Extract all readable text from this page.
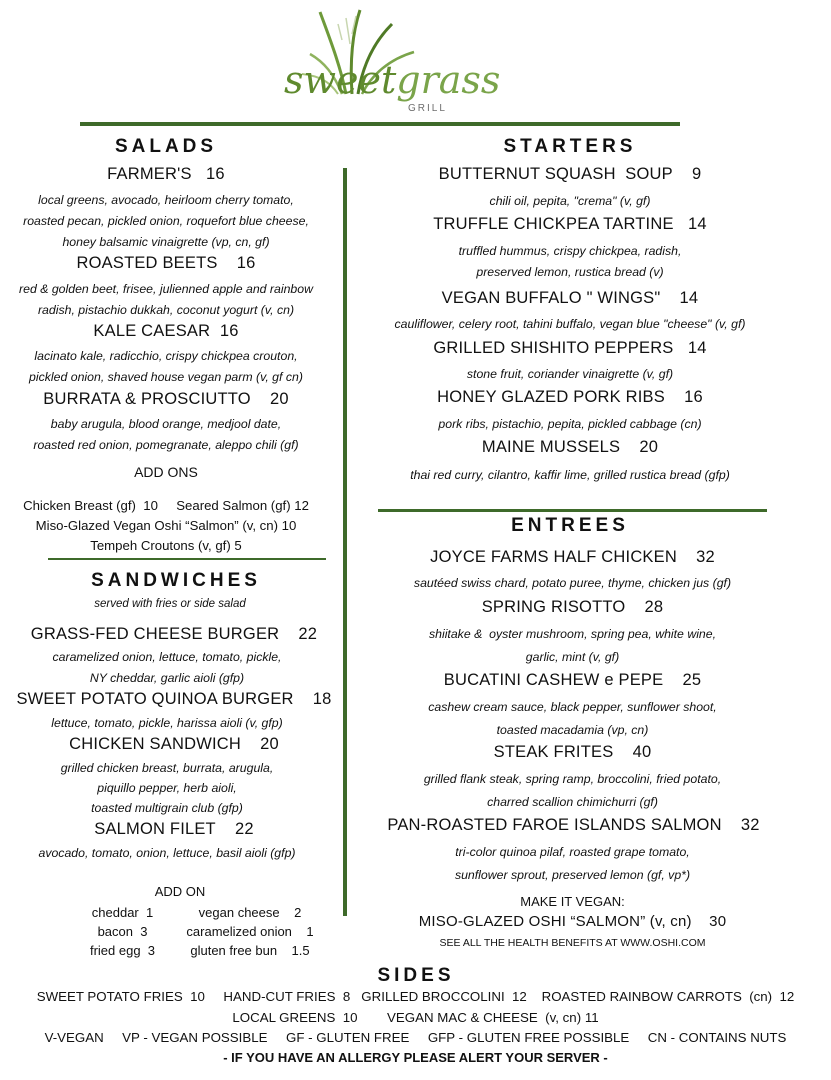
sweetgrass
GRILL
SALADS
FARMER'S 16
local greens, avocado, heirloom cherry tomato,
roasted pecan, pickled onion, roquefort blue cheese,
honey balsamic vinaigrette (vp, cn, gf)
ROASTED BEETS 16
red & golden beet, frisee, julienned apple and rainbow
radish, pistachio dukkah, coconut yogurt (v, cn)
KALE CAESAR 16
lacinato kale, radicchio, crispy chickpea crouton,
pickled onion, shaved house vegan parm (v, gf cn)
BURRATA & PROSCIUTTO 20
baby arugula, blood orange, medjool date,
roasted red onion, pomegranate, aleppo chili (gf)
ADD ONS
Chicken Breast (gf)  10     Seared Salmon (gf) 12
Miso-Glazed Vegan Oshi “Salmon” (v, cn) 10
Tempeh Croutons (v, gf) 5
SANDWICHES
served with fries or side salad
GRASS-FED CHEESE BURGER 22
caramelized onion, lettuce, tomato, pickle,
NY cheddar, garlic aioli (gfp)
SWEET POTATO QUINOA BURGER 18
lettuce, tomato, pickle, harissa aioli (v, gfp)
CHICKEN SANDWICH 20
grilled chicken breast, burrata, arugula,
piquillo pepper, herb aioli,
toasted multigrain club (gfp)
SALMON FILET 22
avocado, tomato, onion, lettuce, basil aioli (gfp)
ADD ON
cheddar  1	vegan cheese    2
bacon  3	caramelized onion    1
fried egg  3	gluten free bun    1.5
STARTERS
BUTTERNUT SQUASH  SOUP 9
chili oil, pepita, "crema" (v, gf)
TRUFFLE CHICKPEA TARTINE 14
truffled hummus, crispy chickpea, radish,
preserved lemon, rustica bread (v)
VEGAN BUFFALO " WINGS" 14
cauliflower, celery root, tahini buffalo, vegan blue "cheese" (v, gf)
GRILLED SHISHITO PEPPERS 14
stone fruit, coriander vinaigrette (v, gf)
HONEY GLAZED PORK RIBS 16
pork ribs, pistachio, pepita, pickled cabbage (cn)
MAINE MUSSELS 20
thai red curry, cilantro, kaffir lime, grilled rustica bread (gfp)
ENTREES
JOYCE FARMS HALF CHICKEN 32
sautéed swiss chard, potato puree, thyme, chicken jus (gf)
SPRING RISOTTO 28
shiitake &  oyster mushroom, spring pea, white wine,
garlic, mint (v, gf)
BUCATINI CASHEW e PEPE 25
cashew cream sauce, black pepper, sunflower shoot,
toasted macadamia (vp, cn)
STEAK FRITES 40
grilled flank steak, spring ramp, broccolini, fried potato,
charred scallion chimichurri (gf)
PAN-ROASTED FAROE ISLANDS SALMON 32
tri-color quinoa pilaf, roasted grape tomato,
sunflower sprout, preserved lemon (gf, vp*)
MAKE IT VEGAN:
MISO-GLAZED OSHI “SALMON” (v, cn)    30
SEE ALL THE HEALTH BENEFITS AT WWW.OSHI.COM
SIDES
SWEET POTATO FRIES  10     HAND-CUT FRIES  8   GRILLED BROCCOLINI  12    ROASTED RAINBOW CARROTS  (cn)  12
LOCAL GREENS  10        VEGAN MAC & CHEESE  (v, cn) 11
V-VEGAN     VP - VEGAN POSSIBLE     GF - GLUTEN FREE     GFP - GLUTEN FREE POSSIBLE     CN - CONTAINS NUTS
- IF YOU HAVE AN ALLERGY PLEASE ALERT YOUR SERVER -
